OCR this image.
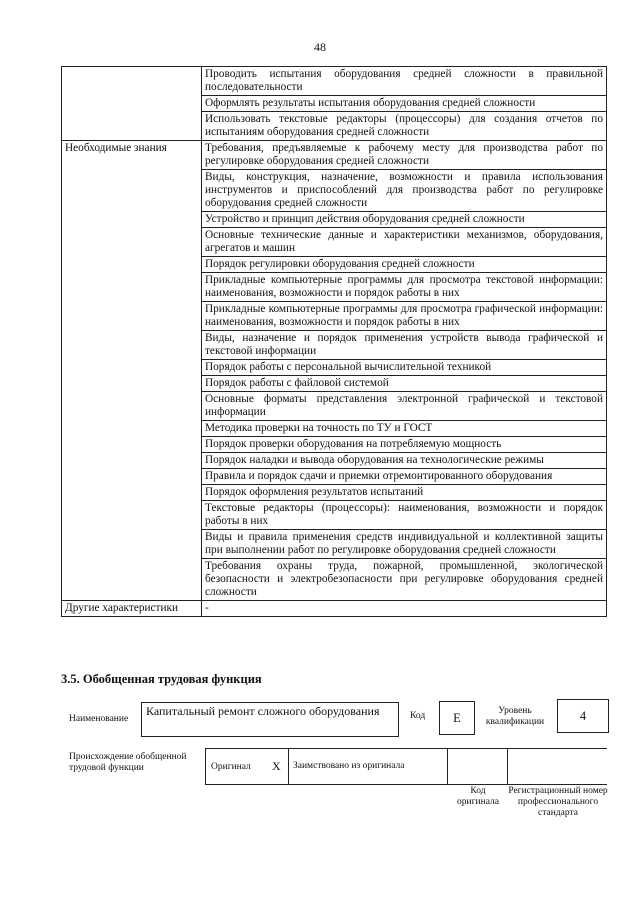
48
	Проводить испытания оборудования средней сложности в правильной последовательности
	Оформлять результаты испытания оборудования средней сложности
	Использовать текстовые редакторы (процессоры) для создания отчетов по испытаниям оборудования средней сложности
Необходимые знания	Требования, предъявляемые к рабочему месту для производства работ по регулировке оборудования средней сложности
	Виды, конструкция, назначение, возможности и правила использования инструментов и приспособлений для производства работ по регулировке оборудования средней сложности
	Устройство и принцип действия оборудования средней сложности
	Основные технические данные и характеристики механизмов, оборудования, агрегатов и машин
	Порядок регулировки оборудования средней сложности
	Прикладные компьютерные программы для просмотра текстовой информации: наименования, возможности и порядок работы в них
	Прикладные компьютерные программы для просмотра графической информации: наименования, возможности и порядок работы в них
	Виды, назначение и порядок применения устройств вывода графической и текстовой информации
	Порядок работы с персональной вычислительной техникой
	Порядок работы с файловой системой
	Основные форматы представления электронной графической и текстовой информации
	Методика проверки на точность по ТУ и ГОСТ
	Порядок проверки оборудования на потребляемую мощность
	Порядок наладки и вывода оборудования на технологические режимы
	Правила и порядок сдачи и приемки отремонтированного оборудования
	Порядок оформления результатов испытаний
	Текстовые редакторы (процессоры): наименования, возможности и порядок работы в них
	Виды и правила применения средств индивидуальной и коллективной защиты при выполнении работ по регулировке оборудования средней сложности
	Требования охраны труда, пожарной, промышленной, экологической безопасности и электробезопасности при регулировке оборудования средней сложности
Другие характеристики	-
3.5. Обобщенная трудовая функция
Наименование
Капитальный ремонт сложного оборудования	Код	E	Уровень квалификации	4
Происхождение обобщенной трудовой функции	Оригинал X Заимствовано из оригинала
Код оригинала
Регистрационный номер профессионального стандарта
